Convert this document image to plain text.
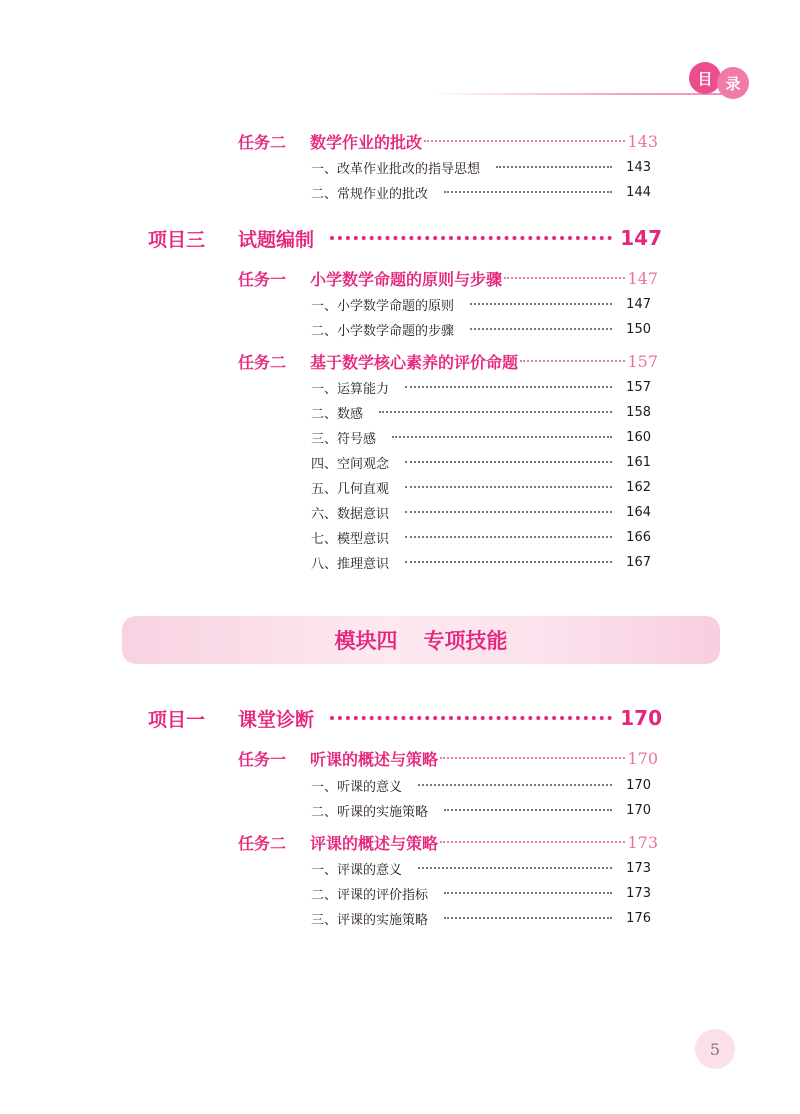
目 录
任务二	数学作业的批改	143
一、改革作业批改的指导思想	143
二、常规作业的批改	144
项目三	试题编制	147
任务一	小学数学命题的原则与步骤	147
一、小学数学命题的原则	147
二、小学数学命题的步骤	150
任务二	基于数学核心素养的评价命题	157
一、运算能力	157
二、数感	158
三、符号感	160
四、空间观念	161
五、几何直观	162
六、数据意识	164
七、模型意识	166
八、推理意识	167
模块四 专项技能
项目一	课堂诊断	170
任务一	听课的概述与策略	170
一、听课的意义	170
二、听课的实施策略	170
任务二	评课的概述与策略	173
一、评课的意义	173
二、评课的评价指标	173
三、评课的实施策略	176
5
